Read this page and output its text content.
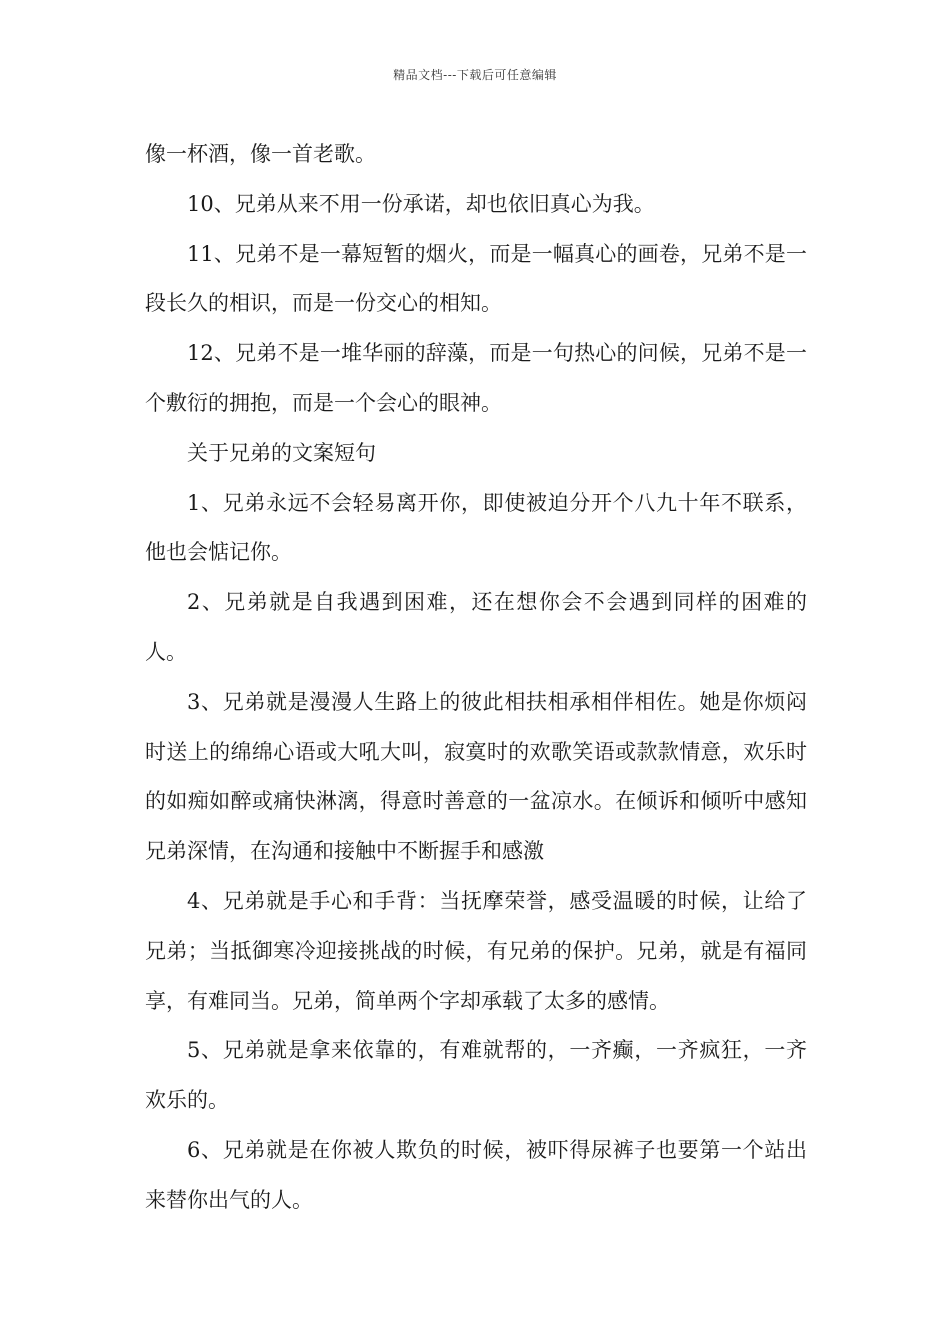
精品文档---下载后可任意编辑

像一杯酒，像一首老歌。

10、兄弟从来不用一份承诺，却也依旧真心为我。

11、兄弟不是一幕短暂的烟火，而是一幅真心的画卷，兄弟不是一段长久的相识，而是一份交心的相知。

12、兄弟不是一堆华丽的辞藻，而是一句热心的问候，兄弟不是一个敷衍的拥抱，而是一个会心的眼神。

关于兄弟的文案短句

1、兄弟永远不会轻易离开你，即使被迫分开个八九十年不联系，他也会惦记你。

2、兄弟就是自我遇到困难，还在想你会不会遇到同样的困难的人。

3、兄弟就是漫漫人生路上的彼此相扶相承相伴相佐。她是你烦闷时送上的绵绵心语或大吼大叫，寂寞时的欢歌笑语或款款情意，欢乐时的如痴如醉或痛快淋漓，得意时善意的一盆凉水。在倾诉和倾听中感知兄弟深情，在沟通和接触中不断握手和感激

4、兄弟就是手心和手背：当抚摩荣誉，感受温暖的时候，让给了兄弟；当抵御寒冷迎接挑战的时候，有兄弟的保护。兄弟，就是有福同享，有难同当。兄弟，简单两个字却承载了太多的感情。

5、兄弟就是拿来依靠的，有难就帮的，一齐癫，一齐疯狂，一齐欢乐的。

6、兄弟就是在你被人欺负的时候，被吓得尿裤子也要第一个站出来替你出气的人。
